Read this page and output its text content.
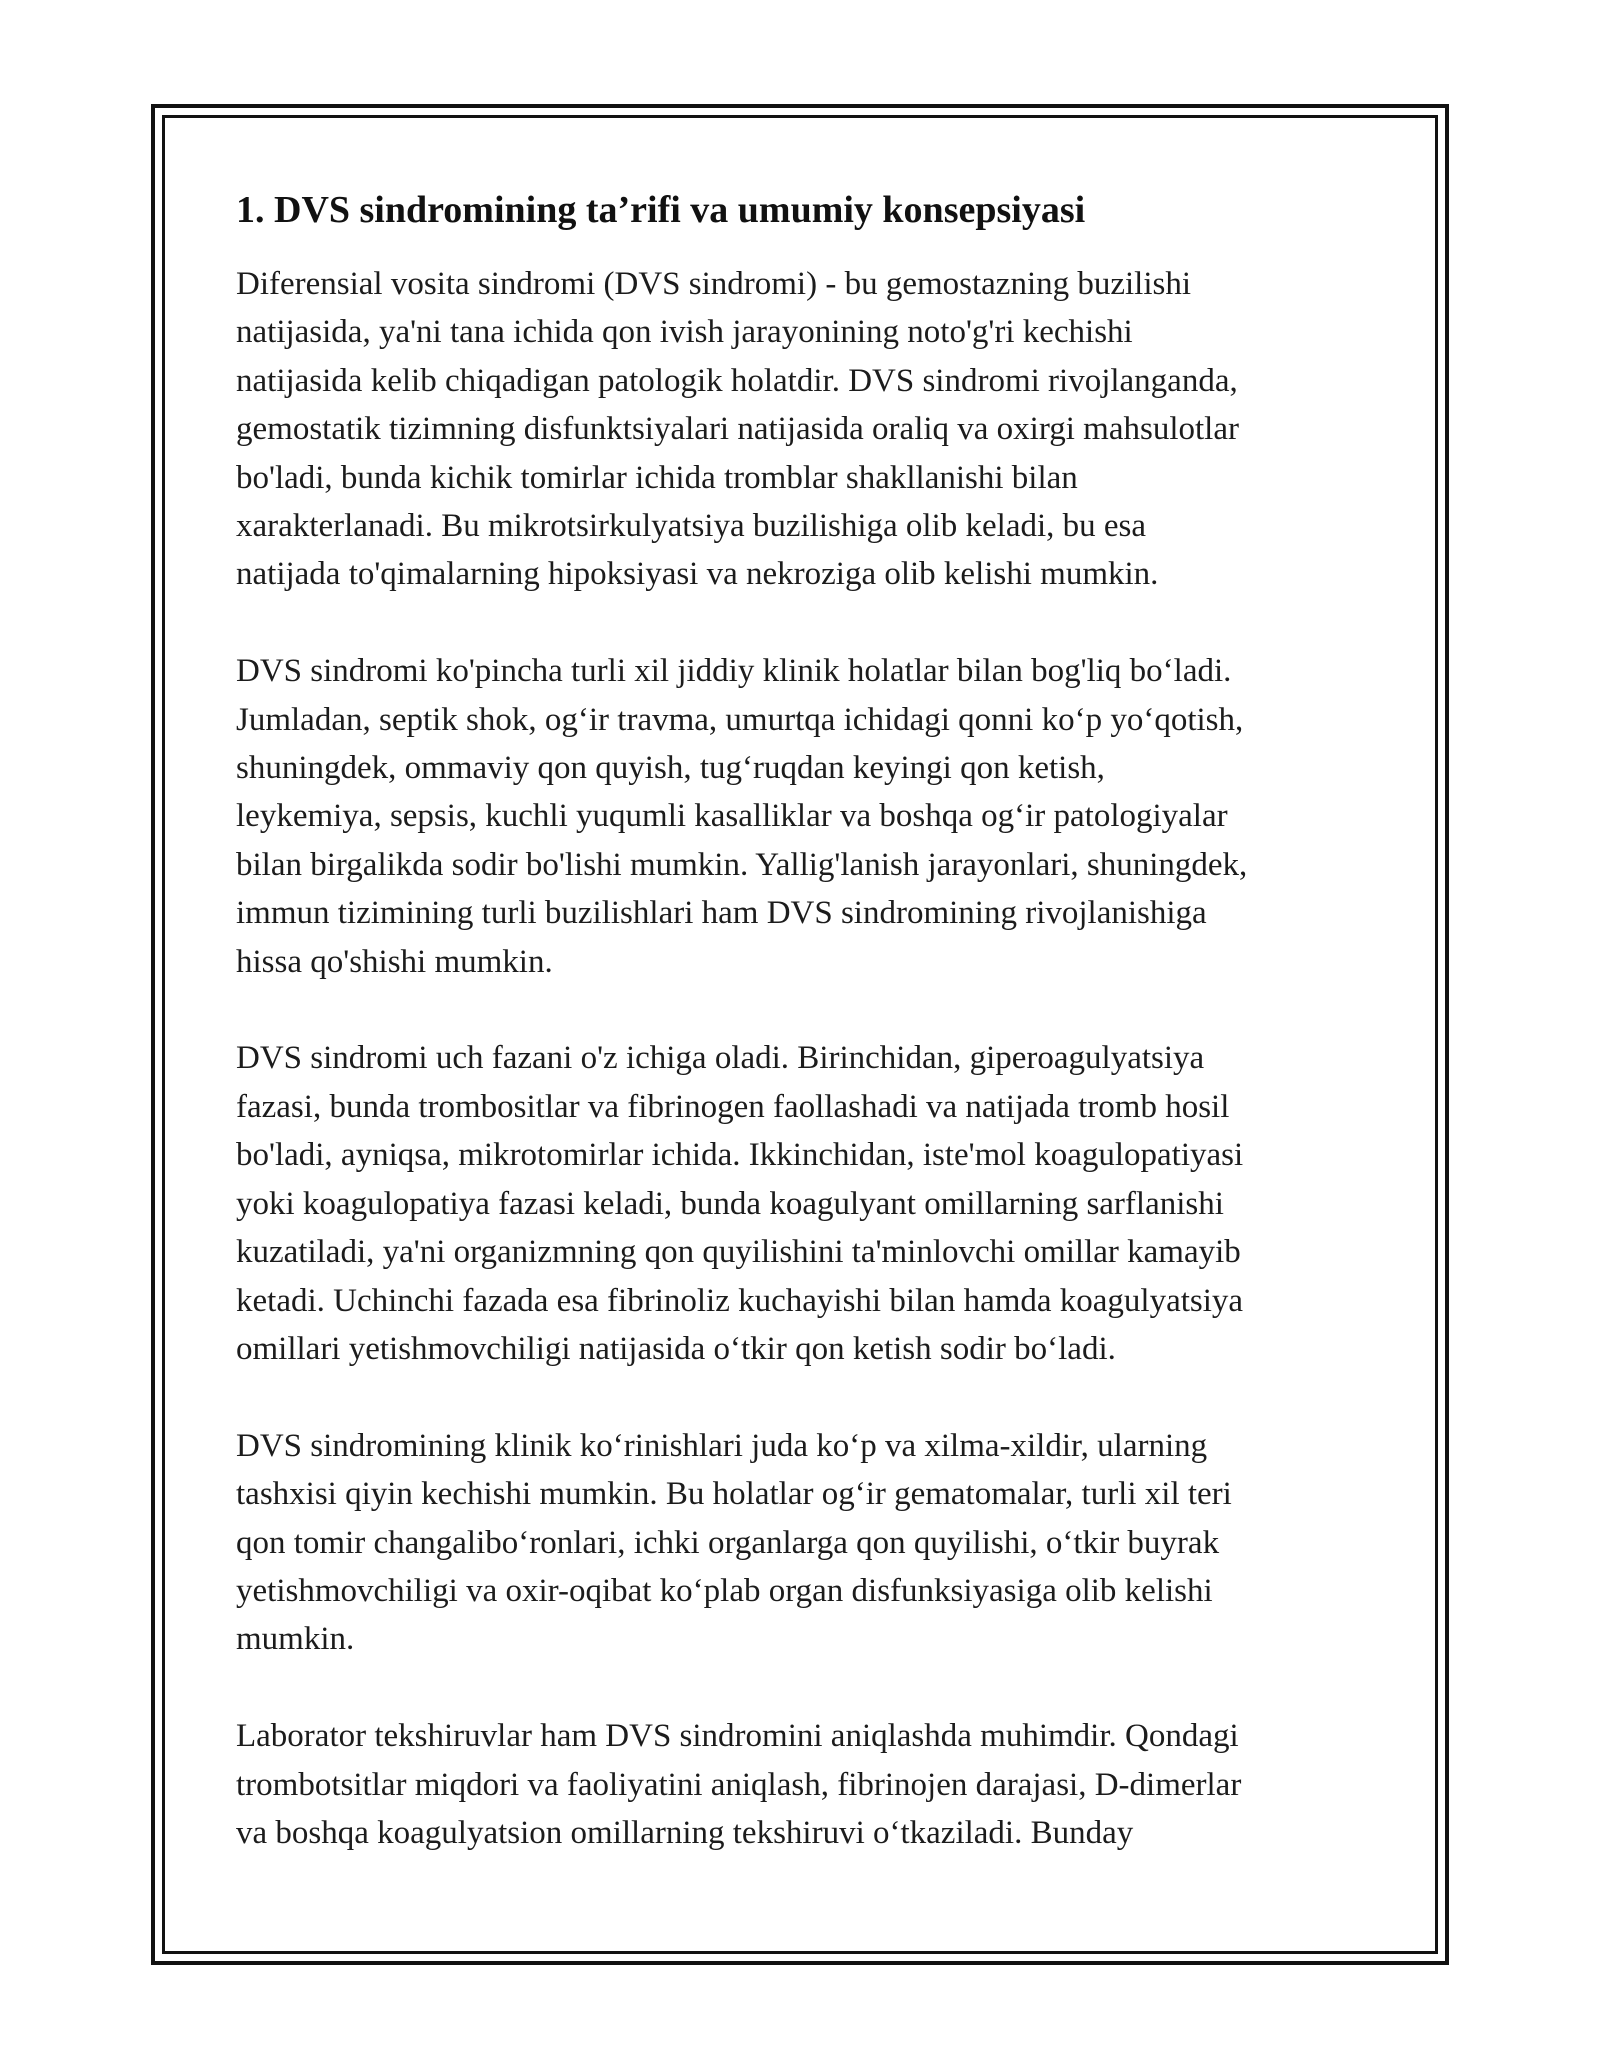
1. DVS sindromining ta’rifi va umumiy konsepsiyasi

Diferensial vosita sindromi (DVS sindromi) - bu gemostazning buzilishi
natijasida, ya'ni tana ichida qon ivish jarayonining noto'g'ri kechishi
natijasida kelib chiqadigan patologik holatdir. DVS sindromi rivojlanganda,
gemostatik tizimning disfunktsiyalari natijasida oraliq va oxirgi mahsulotlar
bo'ladi, bunda kichik tomirlar ichida tromblar shakllanishi bilan
xarakterlanadi. Bu mikrotsirkulyatsiya buzilishiga olib keladi, bu esa
natijada to'qimalarning hipoksiyasi va nekroziga olib kelishi mumkin.

DVS sindromi ko'pincha turli xil jiddiy klinik holatlar bilan bog'liq bo‘ladi.
Jumladan, septik shok, og‘ir travma, umurtqa ichidagi qonni ko‘p yo‘qotish,
shuningdek, ommaviy qon quyish, tug‘ruqdan keyingi qon ketish,
leykemiya, sepsis, kuchli yuqumli kasalliklar va boshqa og‘ir patologiyalar
bilan birgalikda sodir bo'lishi mumkin. Yallig'lanish jarayonlari, shuningdek,
immun tizimining turli buzilishlari ham DVS sindromining rivojlanishiga
hissa qo'shishi mumkin.

DVS sindromi uch fazani o'z ichiga oladi. Birinchidan, giperoagulyatsiya
fazasi, bunda trombositlar va fibrinogen faollashadi va natijada tromb hosil
bo'ladi, ayniqsa, mikrotomirlar ichida. Ikkinchidan, iste'mol koagulopatiyasi
yoki koagulopatiya fazasi keladi, bunda koagulyant omillarning sarflanishi
kuzatiladi, ya'ni organizmning qon quyilishini ta'minlovchi omillar kamayib
ketadi. Uchinchi fazada esa fibrinoliz kuchayishi bilan hamda koagulyatsiya
omillari yetishmovchiligi natijasida o‘tkir qon ketish sodir bo‘ladi.

DVS sindromining klinik ko‘rinishlari juda ko‘p va xilma-xildir, ularning
tashxisi qiyin kechishi mumkin. Bu holatlar og‘ir gematomalar, turli xil teri
qon tomir changalibo‘ronlari, ichki organlarga qon quyilishi, o‘tkir buyrak
yetishmovchiligi va oxir-oqibat ko‘plab organ disfunksiyasiga olib kelishi
mumkin.

Laborator tekshiruvlar ham DVS sindromini aniqlashda muhimdir. Qondagi
trombotsitlar miqdori va faoliyatini aniqlash, fibrinojen darajasi, D-dimerlar
va boshqa koagulyatsion omillarning tekshiruvi o‘tkaziladi. Bunday
